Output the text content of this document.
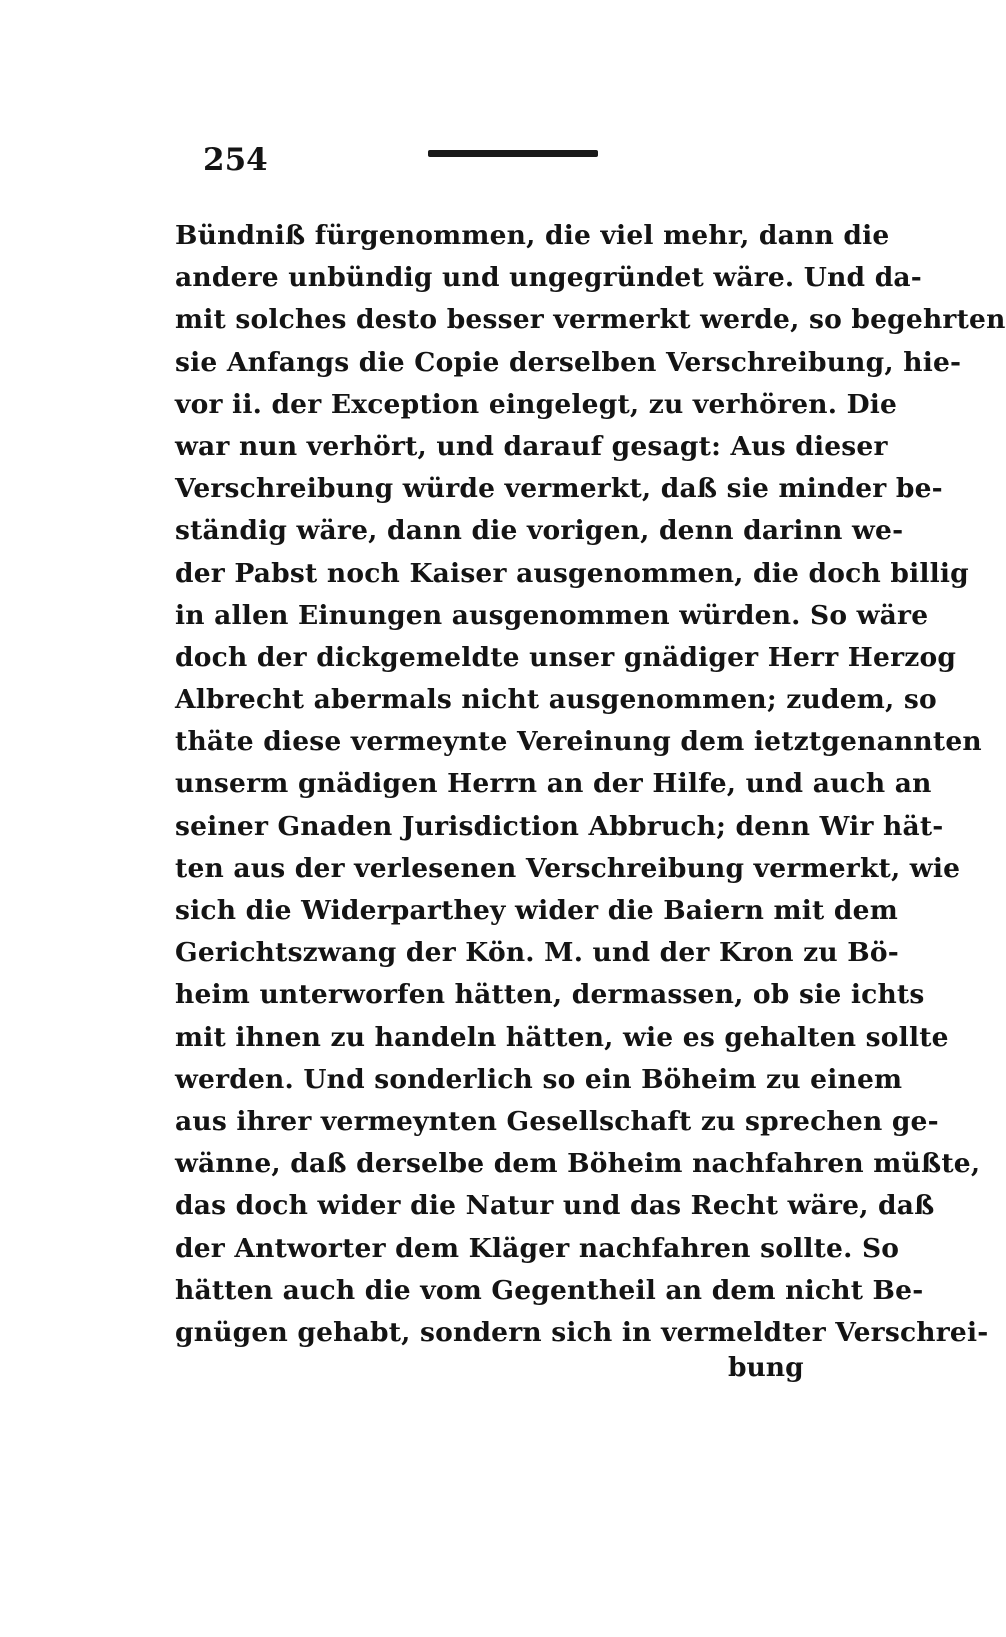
254
Bündniß fürgenommen, die viel mehr, dann die
andere unbündig und ungegründet wäre. Und da-
mit solches desto besser vermerkt werde, so begehrten
sie Anfangs die Copie derselben Verschreibung, hie-
vor ii. der Exception eingelegt, zu verhören. Die
war nun verhört, und darauf gesagt: Aus dieser
Verschreibung würde vermerkt, daß sie minder be-
ständig wäre, dann die vorigen, denn darinn we-
der Pabst noch Kaiser ausgenommen, die doch billig
in allen Einungen ausgenommen würden. So wäre
doch der dickgemeldte unser gnädiger Herr Herzog
Albrecht abermals nicht ausgenommen; zudem, so
thäte diese vermeynte Vereinung dem ietztgenannten
unserm gnädigen Herrn an der Hilfe, und auch an
seiner Gnaden Jurisdiction Abbruch; denn Wir hät-
ten aus der verlesenen Verschreibung vermerkt, wie
sich die Widerparthey wider die Baiern mit dem
Gerichtszwang der Kön. M. und der Kron zu Bö-
heim unterworfen hätten, dermassen, ob sie ichts
mit ihnen zu handeln hätten, wie es gehalten sollte
werden. Und sonderlich so ein Böheim zu einem
aus ihrer vermeynten Gesellschaft zu sprechen ge-
wänne, daß derselbe dem Böheim nachfahren müßte,
das doch wider die Natur und das Recht wäre, daß
der Antworter dem Kläger nachfahren sollte. So
hätten auch die vom Gegentheil an dem nicht Be-
gnügen gehabt, sondern sich in vermeldter Verschrei-
bung
